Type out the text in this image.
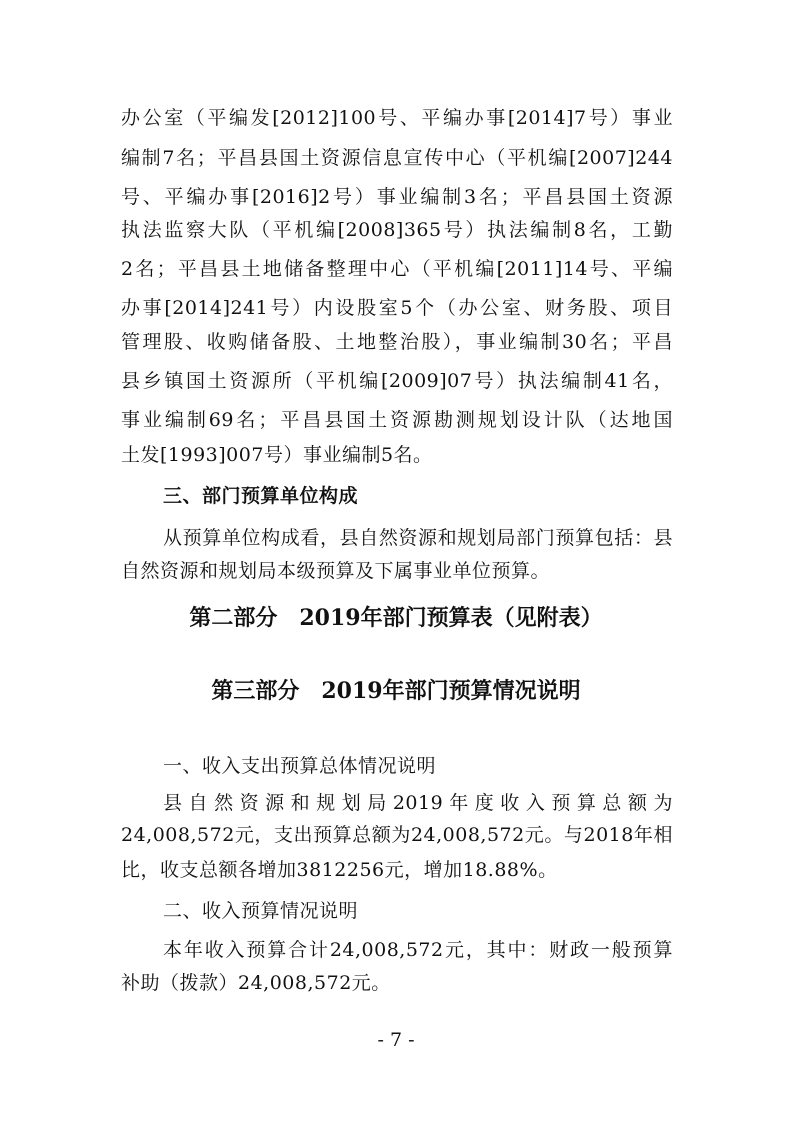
办公室（平编发[2012]100号、平编办事[2014]7号）事业
编制7名；平昌县国土资源信息宣传中心（平机编[2007]244
号、平编办事[2016]2号）事业编制3名；平昌县国土资源
执法监察大队（平机编[2008]365号）执法编制8名，工勤
2名；平昌县土地储备整理中心（平机编[2011]14号、平编
办事[2014]241号）内设股室5个（办公室、财务股、项目
管理股、收购储备股、土地整治股），事业编制30名；平昌
县乡镇国土资源所（平机编[2009]07号）执法编制41名，
事业编制69名；平昌县国土资源勘测规划设计队（达地国
土发[1993]007号）事业编制5名。
三、部门预算单位构成
从预算单位构成看，县自然资源和规划局部门预算包括：县
自然资源和规划局本级预算及下属事业单位预算。
第二部分　2019年部门预算表（见附表）
第三部分　2019年部门预算情况说明
一、收入支出预算总体情况说明
县自然资源和规划局2019年度收入预算总额为
24,008,572元，支出预算总额为24,008,572元。与2018年相
比，收支总额各增加3812256元，增加18.88%。
二、收入预算情况说明
本年收入预算合计24,008,572元，其中：财政一般预算
补助（拨款）24,008,572元。
- 7 -
